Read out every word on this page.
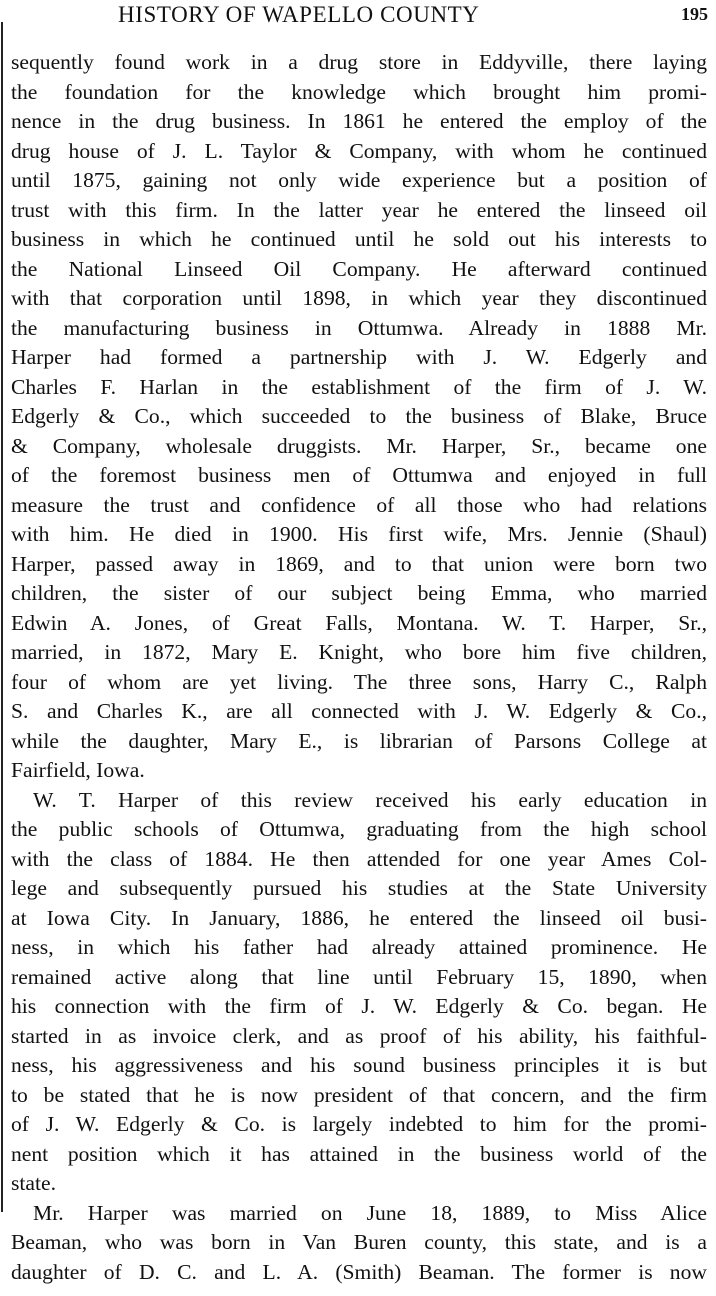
HISTORY OF WAPELLO COUNTY	195

sequently found work in a drug store in Eddyville, there laying
the foundation for the knowledge which brought him promi-
nence in the drug business. In 1861 he entered the employ of the
drug house of J. L. Taylor & Company, with whom he continued
until 1875, gaining not only wide experience but a position of
trust with this firm. In the latter year he entered the linseed oil
business in which he continued until he sold out his interests to
the National Linseed Oil Company. He afterward continued
with that corporation until 1898, in which year they discontinued
the manufacturing business in Ottumwa. Already in 1888 Mr.
Harper had formed a partnership with J. W. Edgerly and
Charles F. Harlan in the establishment of the firm of J. W.
Edgerly & Co., which succeeded to the business of Blake, Bruce
& Company, wholesale druggists. Mr. Harper, Sr., became one
of the foremost business men of Ottumwa and enjoyed in full
measure the trust and confidence of all those who had relations
with him. He died in 1900. His first wife, Mrs. Jennie (Shaul)
Harper, passed away in 1869, and to that union were born two
children, the sister of our subject being Emma, who married
Edwin A. Jones, of Great Falls, Montana. W. T. Harper, Sr.,
married, in 1872, Mary E. Knight, who bore him five children,
four of whom are yet living. The three sons, Harry C., Ralph
S. and Charles K., are all connected with J. W. Edgerly & Co.,
while the daughter, Mary E., is librarian of Parsons College at
Fairfield, Iowa.

W. T. Harper of this review received his early education in
the public schools of Ottumwa, graduating from the high school
with the class of 1884. He then attended for one year Ames Col-
lege and subsequently pursued his studies at the State University
at Iowa City. In January, 1886, he entered the linseed oil busi-
ness, in which his father had already attained prominence. He
remained active along that line until February 15, 1890, when
his connection with the firm of J. W. Edgerly & Co. began. He
started in as invoice clerk, and as proof of his ability, his faithful-
ness, his aggressiveness and his sound business principles it is but
to be stated that he is now president of that concern, and the firm
of J. W. Edgerly & Co. is largely indebted to him for the promi-
nent position which it has attained in the business world of the
state.

Mr. Harper was married on June 18, 1889, to Miss Alice
Beaman, who was born in Van Buren county, this state, and is a
daughter of D. C. and L. A. (Smith) Beaman. The former is now
